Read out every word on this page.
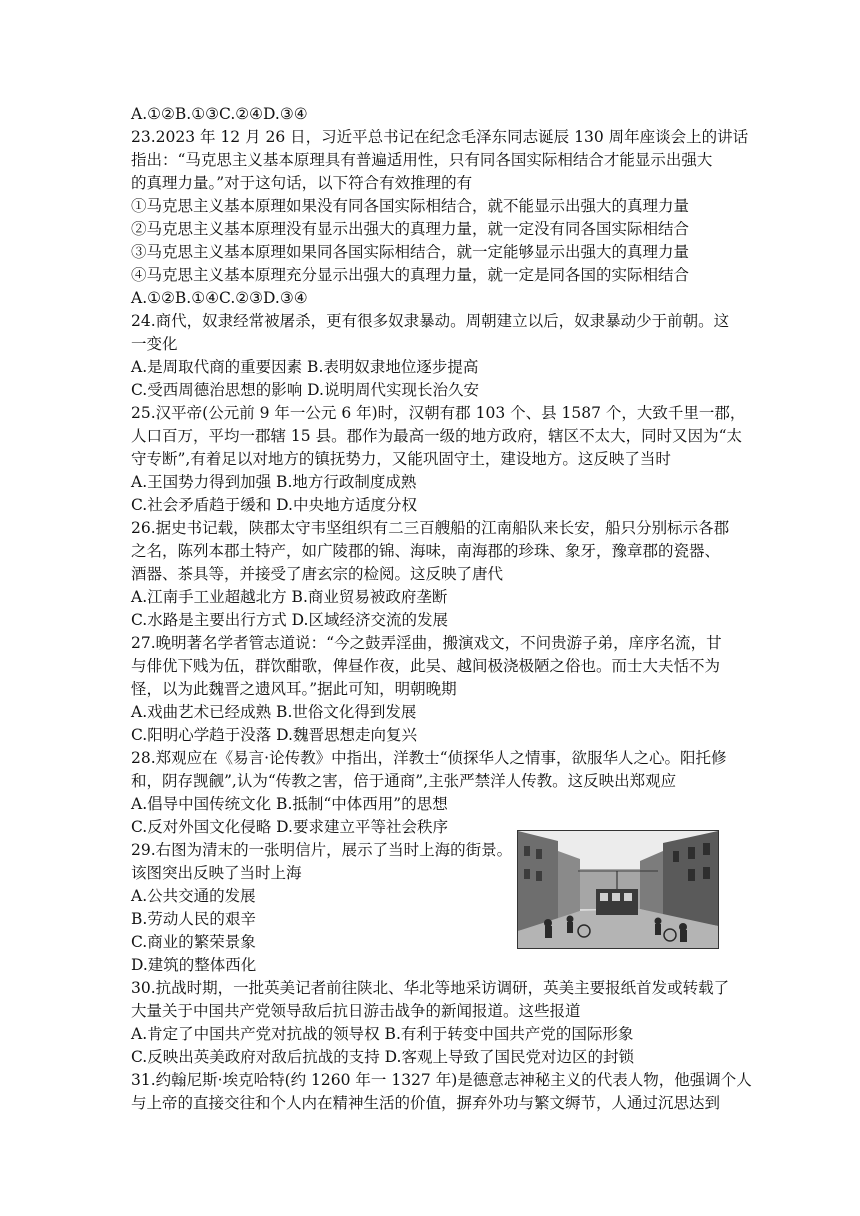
A.①②B.①③C.②④D.③④
23.2023 年 12 月 26 日，习近平总书记在纪念毛泽东同志诞辰 130 周年座谈会上的讲话
指出：“马克思主义基本原理具有普遍适用性，只有同各国实际相结合才能显示出强大
的真理力量。”对于这句话，以下符合有效推理的有
①马克思主义基本原理如果没有同各国实际相结合，就不能显示出强大的真理力量
②马克思主义基本原理没有显示出强大的真理力量，就一定没有同各国实际相结合
③马克思主义基本原理如果同各国实际相结合，就一定能够显示出强大的真理力量
④马克思主义基本原理充分显示出强大的真理力量，就一定是同各国的实际相结合
A.①②B.①④C.②③D.③④
24.商代，奴隶经常被屠杀，更有很多奴隶暴动。周朝建立以后，奴隶暴动少于前朝。这
一变化
A.是周取代商的重要因素 B.表明奴隶地位逐步提高
C.受西周德治思想的影响 D.说明周代实现长治久安
25.汉平帝(公元前 9 年一公元 6 年)时，汉朝有郡 103 个、县 1587 个，大致千里一郡，
人口百万，平均一郡辖 15 县。郡作为最高一级的地方政府，辖区不太大，同时又因为“太
守专断”,有着足以对地方的镇抚势力，又能巩固守土，建设地方。这反映了当时
A.王国势力得到加强 B.地方行政制度成熟
C.社会矛盾趋于缓和 D.中央地方适度分权
26.据史书记载，陕郡太守韦坚组织有二三百艘船的江南船队来长安，船只分别标示各郡
之名，陈列本郡土特产，如广陵郡的锦、海味，南海郡的珍珠、象牙，豫章郡的瓷器、
酒器、茶具等，并接受了唐玄宗的检阅。这反映了唐代
A.江南手工业超越北方 B.商业贸易被政府垄断
C.水路是主要出行方式 D.区域经济交流的发展
27.晚明著名学者管志道说：“今之鼓弄淫曲，搬演戏文，不问贵游子弟，庠序名流，甘
与俳优下贱为伍，群饮酣歌，俾昼作夜，此吴、越间极浇极陋之俗也。而士大夫恬不为
怪，以为此魏晋之遗风耳。”据此可知，明朝晚期
A.戏曲艺术已经成熟 B.世俗文化得到发展
C.阳明心学趋于没落 D.魏晋思想走向复兴
28.郑观应在《易言·论传教》中指出，洋教士“侦探华人之情事，欲服华人之心。阳托修
和，阴存觊觎”,认为“传教之害，倍于通商”,主张严禁洋人传教。这反映出郑观应
A.倡导中国传统文化 B.抵制“中体西用”的思想
C.反对外国文化侵略 D.要求建立平等社会秩序
29.右图为清末的一张明信片，展示了当时上海的街景。
该图突出反映了当时上海
A.公共交通的发展
B.劳动人民的艰辛
C.商业的繁荣景象
D.建筑的整体西化
30.抗战时期，一批英美记者前往陕北、华北等地采访调研，英美主要报纸首发或转载了
大量关于中国共产党领导敌后抗日游击战争的新闻报道。这些报道
A.肯定了中国共产党对抗战的领导权 B.有利于转变中国共产党的国际形象
C.反映出英美政府对敌后抗战的支持 D.客观上导致了国民党对边区的封锁
31.约翰尼斯·埃克哈特(约 1260 年一 1327 年)是德意志神秘主义的代表人物，他强调个人
与上帝的直接交往和个人内在精神生活的价值，摒弃外功与繁文缛节，人通过沉思达到
